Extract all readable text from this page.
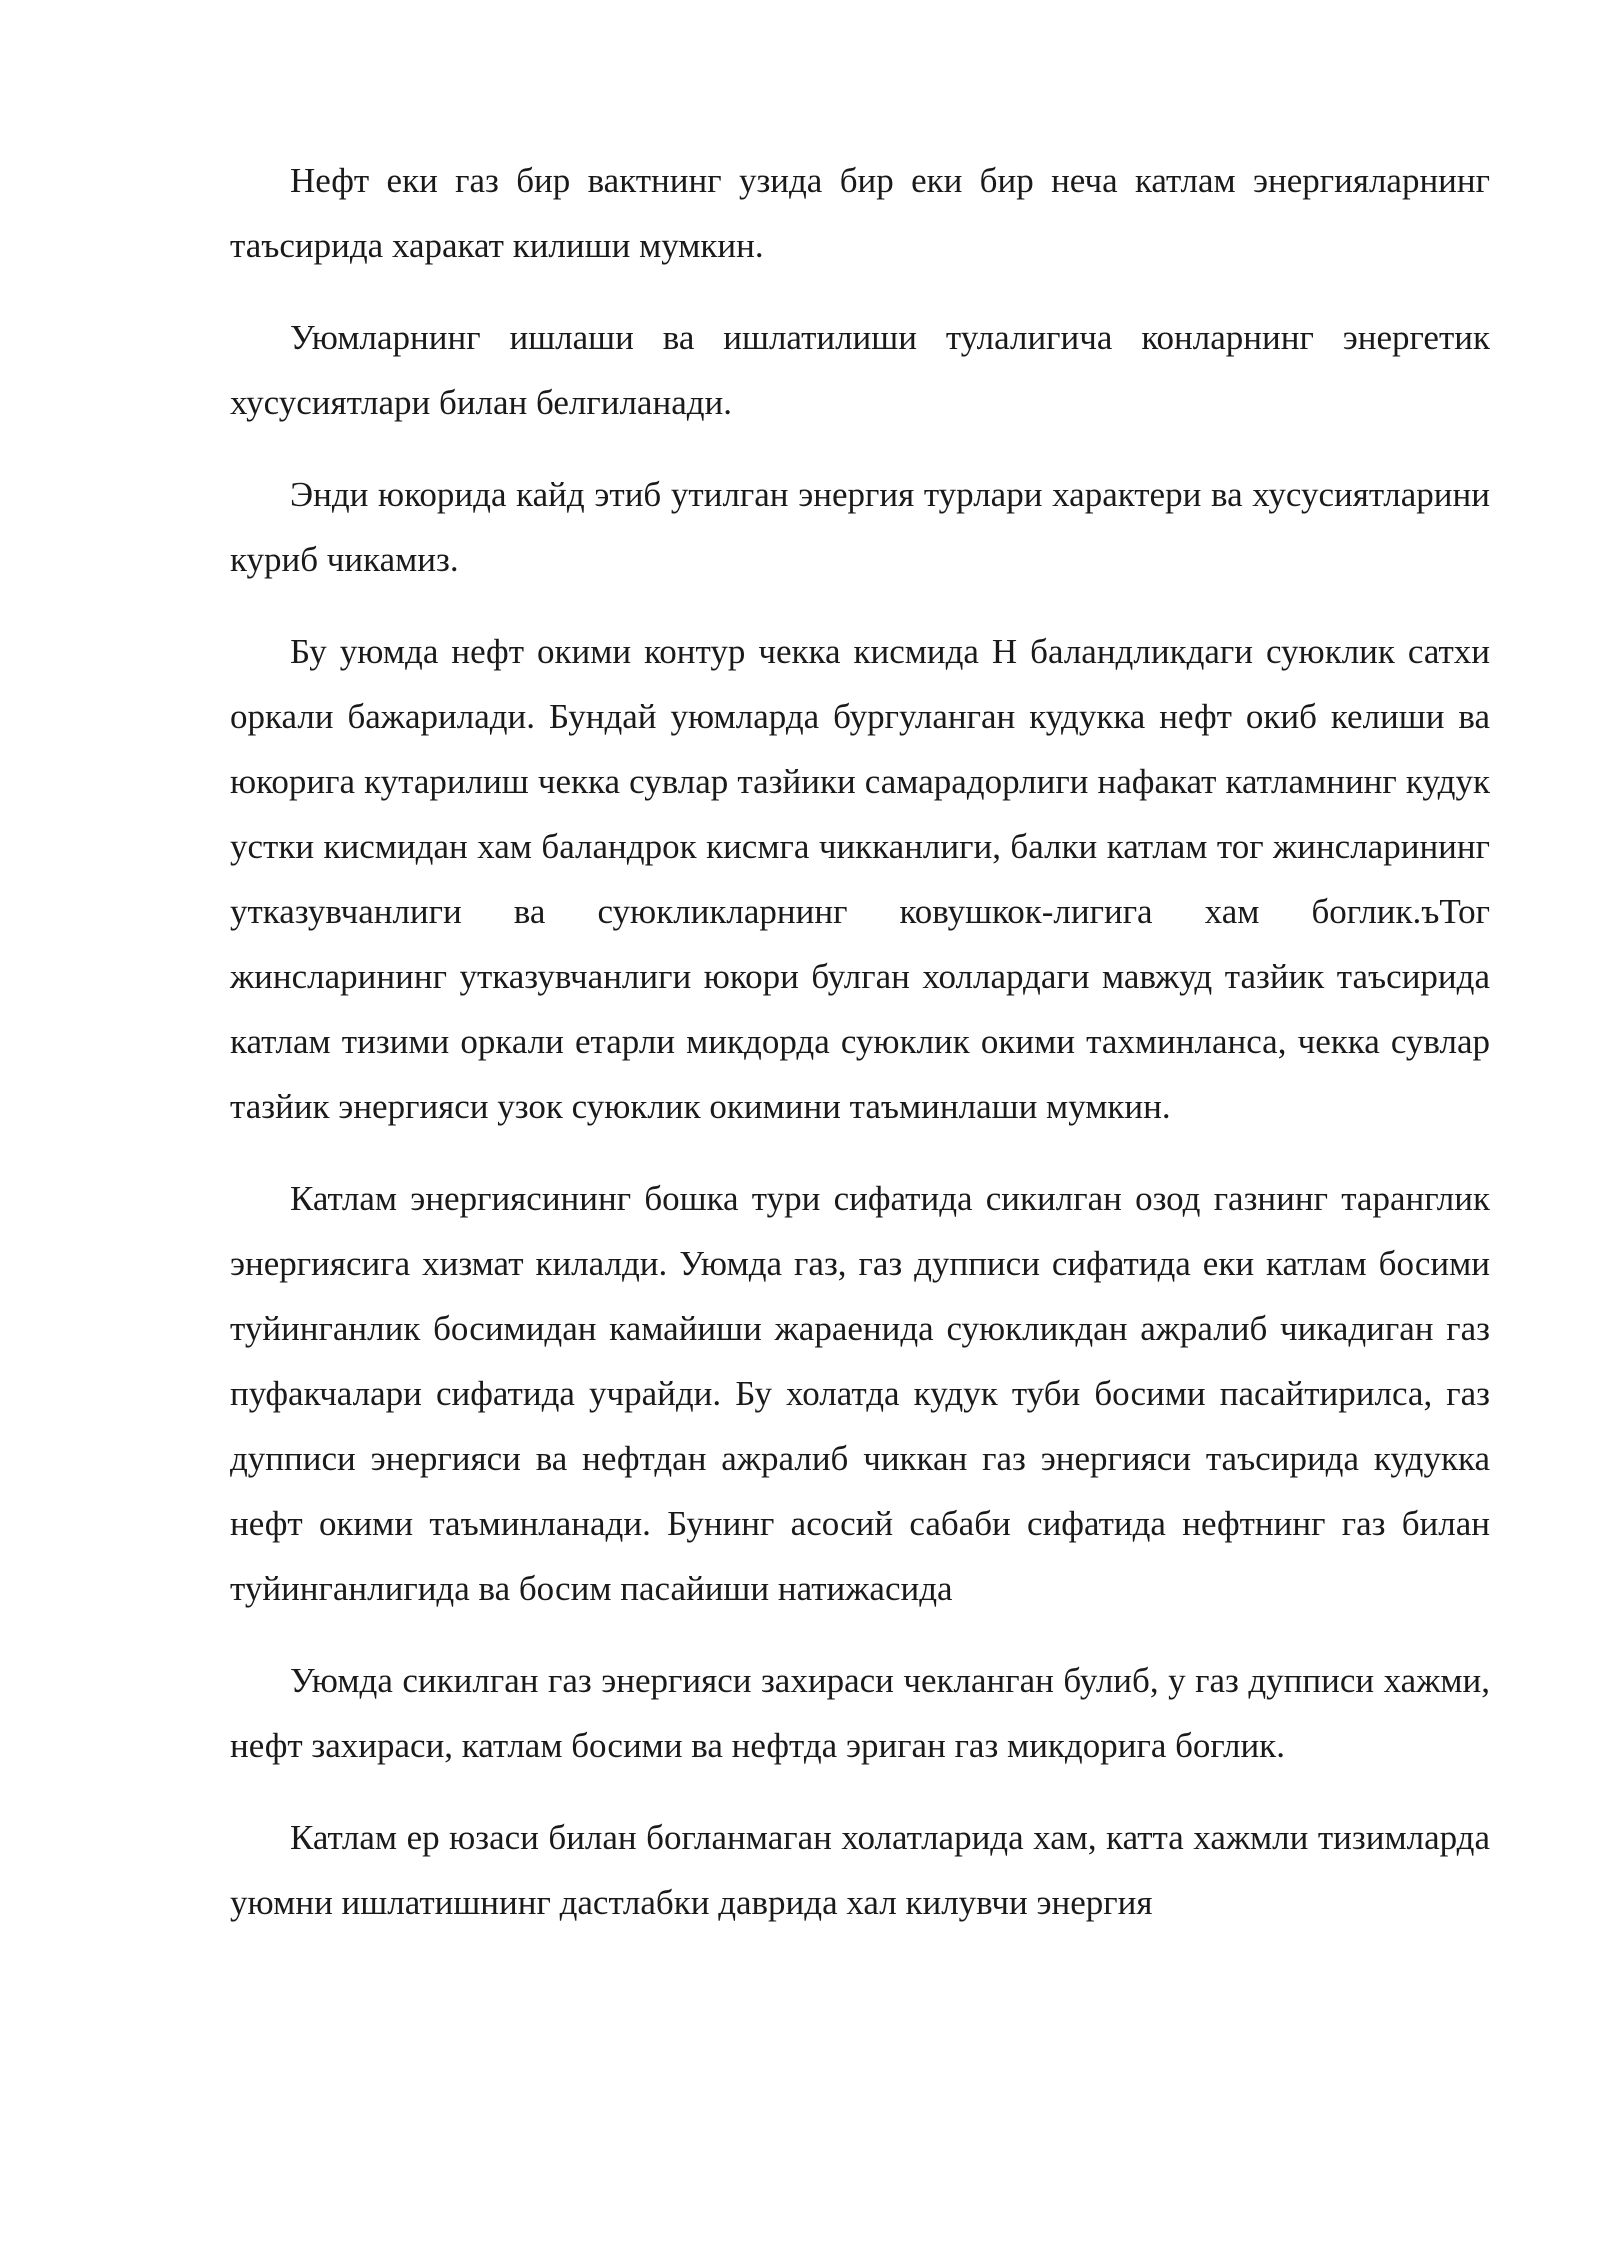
Нефт еки газ бир вактнинг узида бир еки бир неча катлам энергияларнинг таъсирида харакат килиши мумкин.

Уюмларнинг ишлаши ва ишлатилиши тулалигича конларнинг энергетик хусусиятлари билан белгиланади.

Энди юкорида кайд этиб утилган энергия турлари характери ва хусусиятларини куриб чикамиз.

Бу уюмда нефт окими контур чекка кисмида Н баландликдаги суюклик сатхи оркали бажарилади. Бундай уюмларда бургуланган кудукка нефт окиб келиши ва юкорига кутарилиш чекка сувлар тазйики самарадорлиги нафакат катламнинг кудук устки кисмидан хам баландрок кисмга чикканлиги, балки катлам тог жинсларининг утказувчанлиги ва суюкликларнинг ковушкок-лигига хам боглик.ъТог жинсларининг утказувчанлиги юкори булган холлардаги мавжуд тазйик таъсирида катлам тизими оркали етарли микдорда суюклик окими тахминланса, чекка сувлар тазйик энергияси узок суюклик окимини таъминлаши мумкин.

Катлам энергиясининг бошка тури сифатида сикилган озод газнинг таранглик энергиясига хизмат килалди. Уюмда газ, газ дупписи сифатида еки катлам босими туйинганлик босимидан камайиши жараенида суюкликдан ажралиб чикадиган газ пуфакчалари сифатида учрайди. Бу холатда кудук туби босими пасайтирилса, газ дупписи энергияси ва нефтдан ажралиб чиккан газ энергияси таъсирида кудукка нефт окими таъминланади. Бунинг асосий сабаби сифатида нефтнинг газ билан туйинганлигида ва босим пасайиши натижасида

Уюмда сикилган газ энергияси захираси чекланган булиб, у газ дупписи хажми, нефт захираси, катлам босими ва нефтда эриган газ микдорига боглик.

Катлам ер юзаси билан богланмаган холатларида хам, катта хажмли тизимларда уюмни ишлатишнинг дастлабки даврида хал килувчи энергия
